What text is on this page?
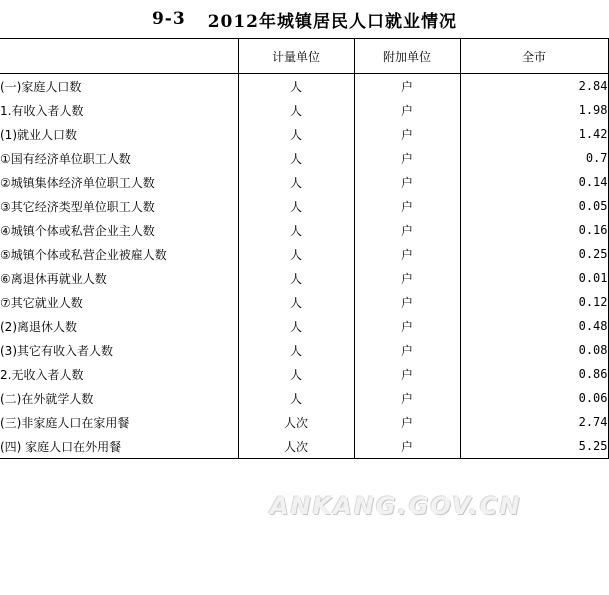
9-3 2012年城镇居民人口就业情况
	计量单位	附加单位	全市
(一)家庭人口数	人	户	2.84
1.有收入者人数	人	户	1.98
(1)就业人口数	人	户	1.42
①国有经济单位职工人数	人	户	0.7
②城镇集体经济单位职工人数	人	户	0.14
③其它经济类型单位职工人数	人	户	0.05
④城镇个体或私营企业主人数	人	户	0.16
⑤城镇个体或私营企业被雇人数	人	户	0.25
⑥离退休再就业人数	人	户	0.01
⑦其它就业人数	人	户	0.12
(2)离退休人数	人	户	0.48
(3)其它有收入者人数	人	户	0.08
2.无收入者人数	人	户	0.86
(二)在外就学人数	人	户	0.06
(三)非家庭人口在家用餐	人次	户	2.74
(四) 家庭人口在外用餐	人次	户	5.25
ANKANG.GOV.CN
